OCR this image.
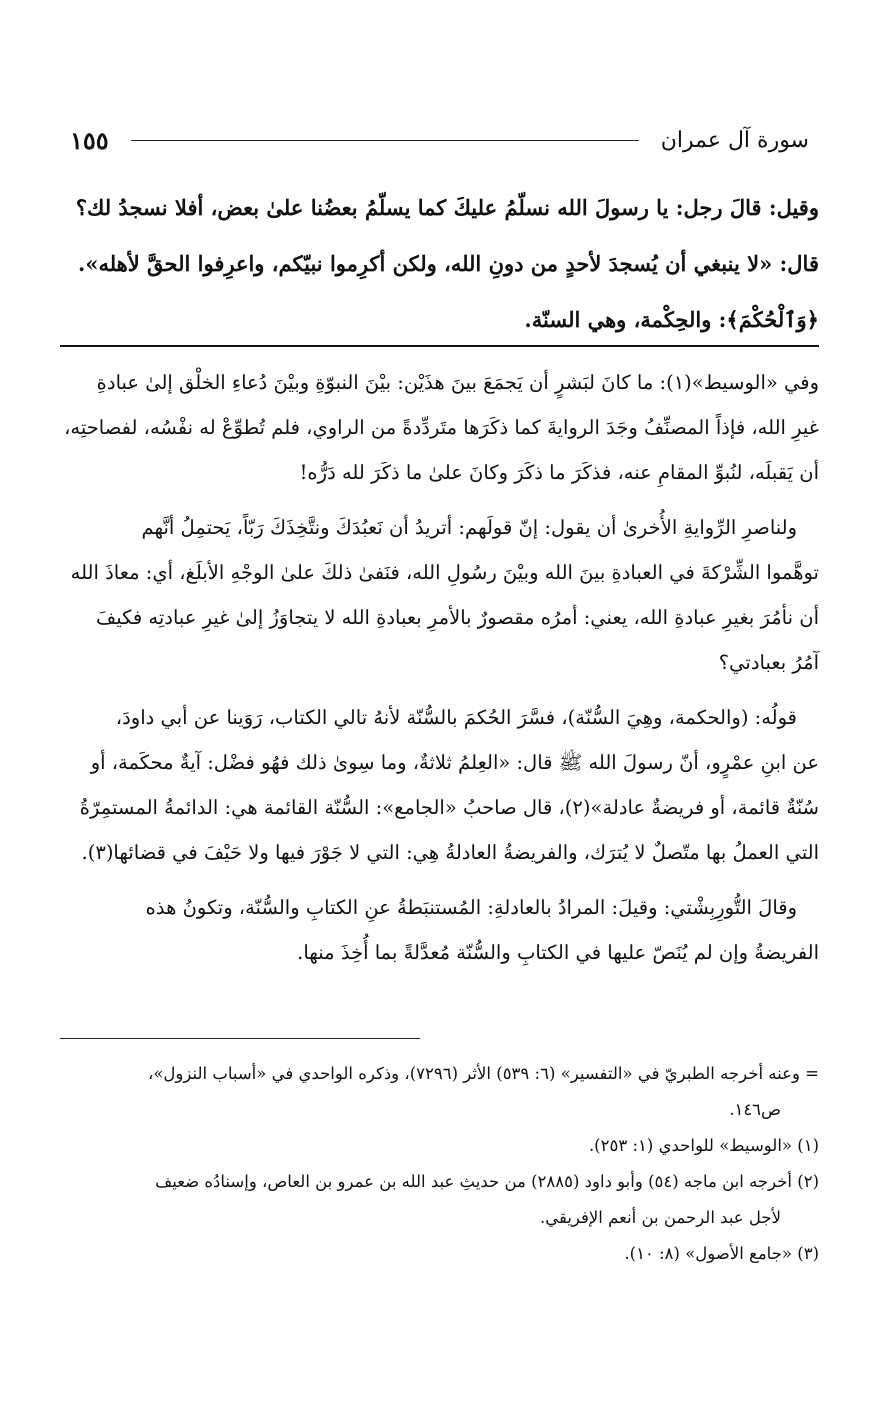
سورة آل عمران
١٥٥
وقيل: قالَ رجل: يا رسولَ الله نسلّمُ عليكَ كما يسلّمُ بعضُنا علىٰ بعض، أفلا نسجدُ لك؟
قال: «لا ينبغي أن يُسجدَ لأحدٍ من دونِ الله، ولكن أكرِموا نبيّكم، واعرِفوا الحقَّ لأهله».
﴿وَٱلْحُكْمَ﴾: والحِكْمة، وهي السنّة.
وفي «الوسيط»(١): ما كانَ لبَشرٍ أن يَجمَعَ بينَ هذَيْن: بيْنَ النبوّةِ وبيْنَ دُعاءِ الخلْق إلىٰ عبادةِ
غيرِ الله، فإذاً المصنِّفُ وجَدَ الروايةَ كما ذكَرَها متَردِّدةً من الراوي، فلم تُطوِّعْ له نفْسُه، لفصاحتِه،
أن يَقبلَه، لنُبوِّ المقامِ عنه، فذكَرَ ما ذكَرَ وكانَ علىٰ ما ذكَرَ لله دَرُّه!
ولناصرِ الرِّوايةِ الأُخرىٰ أن يقول: إنّ قولَهم: أتريدُ أن نَعبُدَكَ ونتَّخِذَكَ رَبّاً، يَحتمِلُ أنَّهم
توهَّموا الشِّرْكةَ في العبادةِ بينَ الله وبيْنَ رسُولِ الله، فنَفىٰ ذلكَ علىٰ الوجْهِ الأبلَغ، أي: معاذَ الله
أن نأمُرَ بغيرِ عبادةِ الله، يعني: أمرُه مقصورٌ بالأمرِ بعبادةِ الله لا يتجاوَزُ إلىٰ غيرِ عبادتِه فكيفَ
آمُرُ بعبادتي؟
قولُه: (والحكمة، وهِيَ السُّنّة)، فسَّرَ الحُكمَ بالسُّنّة لأنهُ تالي الكتاب، رَوَينا عن أبي داودَ،
عن ابنِ عمْرٍو، أنّ رسولَ الله ﷺ قال: «العِلمُ ثلاثةٌ، وما سِوىٰ ذلك فهُو فضْل: آيةٌ محكَمة، أو
سُنّةٌ قائمة، أو فريضةٌ عادلة»(٢)، قال صاحبُ «الجامع»: السُّنّة القائمة هي: الدائمةُ المستمِرّةُ
التي العملُ بها متّصلٌ لا يُترَك، والفريضةُ العادلةُ هِي: التي لا جَوْرَ فيها ولا حَيْفَ في قضائها(٣).
وقالَ التُّورِبِشْتي: وقيلَ: المرادُ بالعادلةِ: المُستنبَطةُ عنِ الكتابِ والسُّنّة، وتكونُ هذه
الفريضةُ وإن لم يُنَصّ عليها في الكتابِ والسُّنّة مُعدَّلةً بما أُخِذَ منها.
= وعنه أخرجه الطبريّ في «التفسير» (٦: ٥٣٩) الأثر (٧٢٩٦)، وذكره الواحدي في «أسباب النزول»،
ص١٤٦.
(١) «الوسيط» للواحدي (١: ٢٥٣).
(٢) أخرجه ابن ماجه (٥٤) وأبو داود (٢٨٨٥) من حديثِ عبد الله بن عمرو بن العاص، وإسنادُه ضعيف
لأجل عبد الرحمن بن أنعم الإفريقي.
(٣) «جامع الأصول» (٨: ١٠).
